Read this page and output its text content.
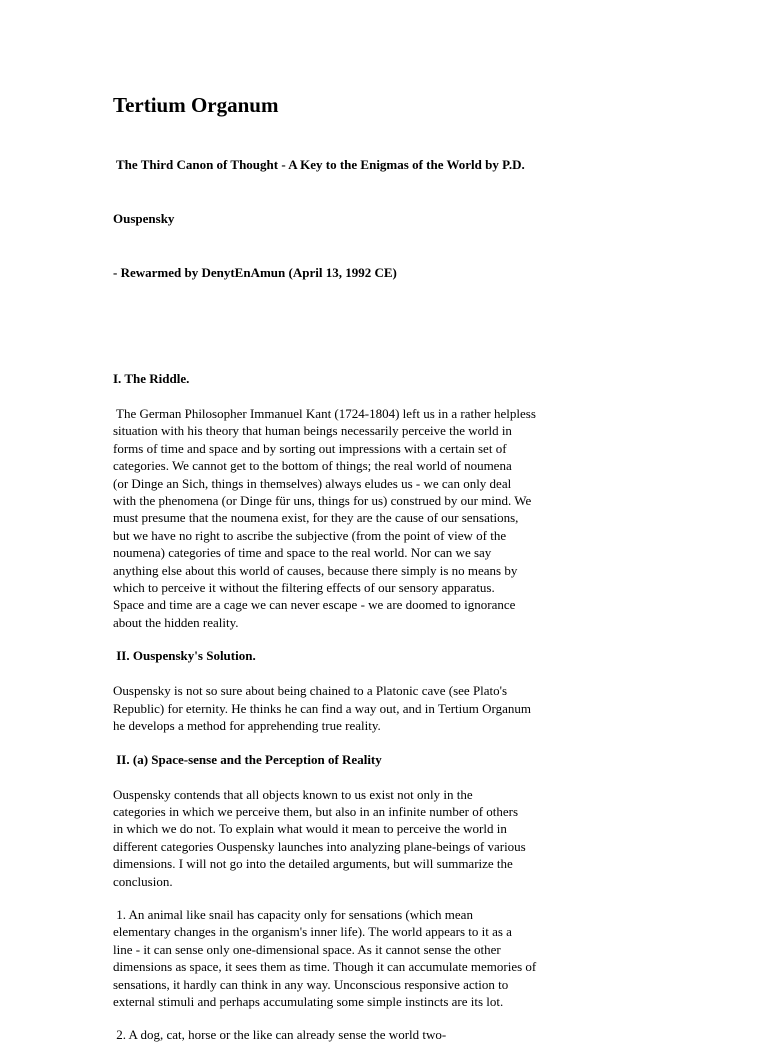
Tertium Organum

The Third Canon of Thought - A Key to the Enigmas of the World by P.D.

Ouspensky

- Rewarmed by DenytEnAmun (April 13, 1992 CE)

I. The Riddle.
The German Philosopher Immanuel Kant (1724-1804) left us in a rather helpless
situation with his theory that human beings necessarily perceive the world in
forms of time and space and by sorting out impressions with a certain set of
categories. We cannot get to the bottom of things; the real world of noumena
(or Dinge an Sich, things in themselves) always eludes us - we can only deal
with the phenomena (or Dinge für uns, things for us) construed by our mind. We
must presume that the noumena exist, for they are the cause of our sensations,
but we have no right to ascribe the subjective (from the point of view of the
noumena) categories of time and space to the real world. Nor can we say
anything else about this world of causes, because there simply is no means by
which to perceive it without the filtering effects of our sensory apparatus.
Space and time are a cage we can never escape - we are doomed to ignorance
about the hidden reality.
II. Ouspensky's Solution.
Ouspensky is not so sure about being chained to a Platonic cave (see Plato's
Republic) for eternity. He thinks he can find a way out, and in Tertium Organum
he develops a method for apprehending true reality.
II. (a) Space-sense and the Perception of Reality
Ouspensky contends that all objects known to us exist not only in the
categories in which we perceive them, but also in an infinite number of others
in which we do not. To explain what would it mean to perceive the world in
different categories Ouspensky launches into analyzing plane-beings of various
dimensions. I will not go into the detailed arguments, but will summarize the
conclusion.
1. An animal like snail has capacity only for sensations (which mean
elementary changes in the organism's inner life). The world appears to it as a
line - it can sense only one-dimensional space. As it cannot sense the other
dimensions as space, it sees them as time. Though it can accumulate memories of
sensations, it hardly can think in any way. Unconscious responsive action to
external stimuli and perhaps accumulating some simple instincts are its lot.
2. A dog, cat, horse or the like can already sense the world two-
